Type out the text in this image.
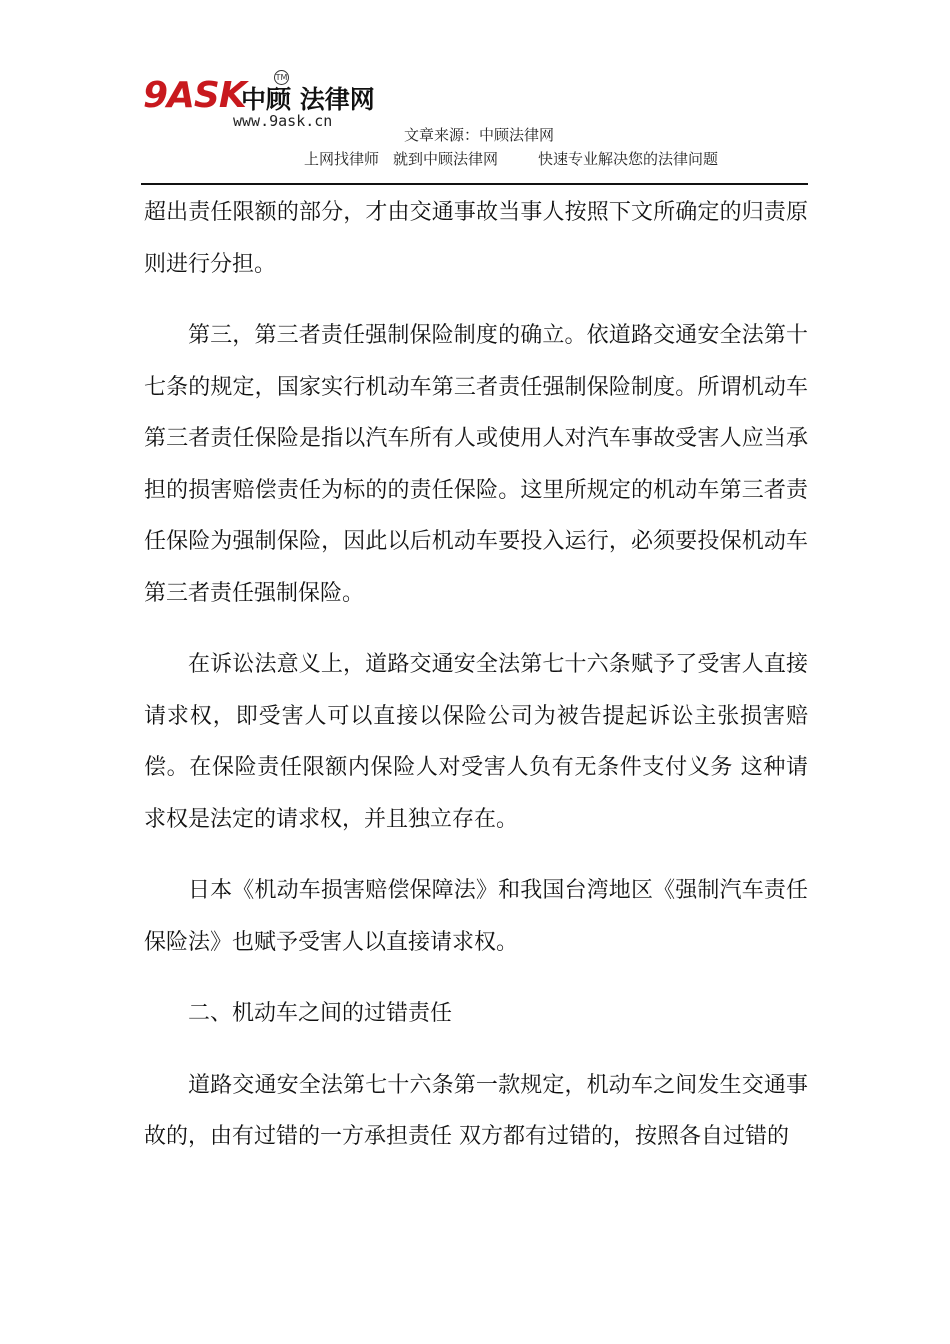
9ASK
中顾 法律网
TM
www.9ask.cn
文章来源：中顾法律网
上网找律师 就到中顾法律网	快速专业解决您的法律问题

超出责任限额的部分，才由交通事故当事人按照下文所确定的归责原则进行分担。

第三，第三者责任强制保险制度的确立。依道路交通安全法第十七条的规定，国家实行机动车第三者责任强制保险制度。所谓机动车第三者责任保险是指以汽车所有人或使用人对汽车事故受害人应当承担的损害赔偿责任为标的的责任保险。这里所规定的机动车第三者责任保险为强制保险，因此以后机动车要投入运行，必须要投保机动车第三者责任强制保险。

在诉讼法意义上，道路交通安全法第七十六条赋予了受害人直接请求权，即受害人可以直接以保险公司为被告提起诉讼主张损害赔偿。在保险责任限额内保险人对受害人负有无条件支付义务 这种请求权是法定的请求权，并且独立存在。

日本《机动车损害赔偿保障法》和我国台湾地区《强制汽车责任保险法》也赋予受害人以直接请求权。

二、机动车之间的过错责任

道路交通安全法第七十六条第一款规定，机动车之间发生交通事故的，由有过错的一方承担责任 双方都有过错的，按照各自过错的
